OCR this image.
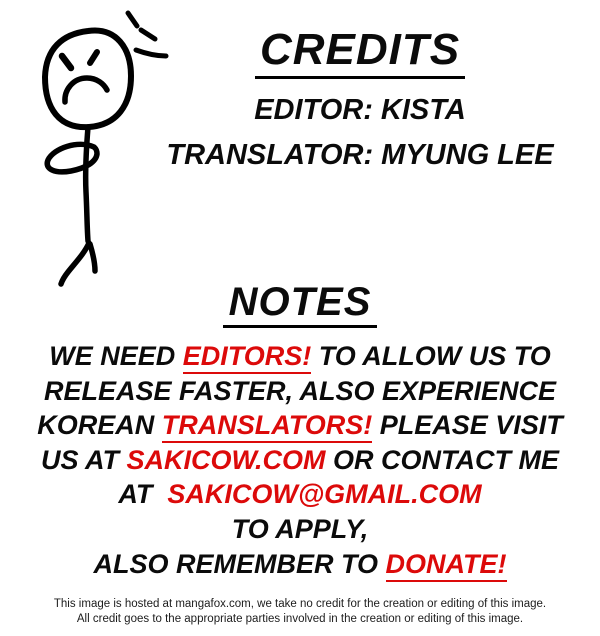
CREDITS
EDITOR: KISTA
TRANSLATOR: MYUNG LEE
NOTES
WE NEED EDITORS! TO ALLOW US TO
RELEASE FASTER, ALSO EXPERIENCE
KOREAN TRANSLATORS! PLEASE VISIT
US AT SAKICOW.COM OR CONTACT ME
AT  SAKICOW@GMAIL.COM
TO APPLY,
ALSO REMEMBER TO DONATE!
This image is hosted at mangafox.com, we take no credit for the creation or editing of this image.
All credit goes to the appropriate parties involved in the creation or editing of this image.
